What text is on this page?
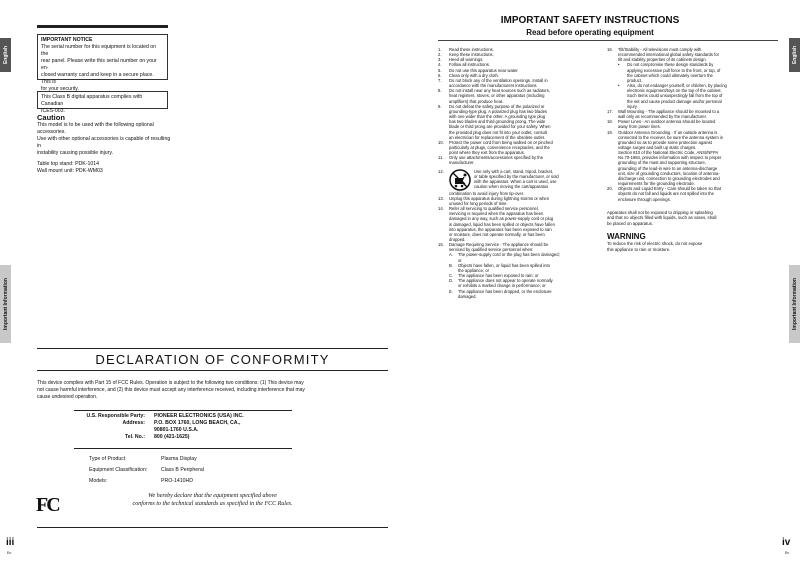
English
Important Information
English
Important Information
IMPORTANT NOTICE
The serial number for this equipment is located on the
rear panel. Please write this serial number on your en-
closed warranty card and keep in a secure place. This is
for your security.
This Class B digital apparatus complies with Canadian
ICES-003.
Caution
This model is to be used with the following optional accessories.
Use with other optional accessories is capable of resulting in
instability causing possible injury.
Table top stand: PDK-1014
Wall mount unit: PDK-WM03
DECLARATION OF CONFORMITY
This device complies with Part 15 of FCC Rules. Operation is subject to the following two conditions: (1) This device may
not cause harmful interference, and (2) this device must accept any interference received, including interference that may
cause undesired operation.
U.S. Responsible Party:	PIONEER ELECTRONICS (USA) INC.
Address:	P.O. BOX 1760, LONG BEACH, CA.,
90801-1760 U.S.A.
Tel. No.:	800 (421-1625)
Type of Product	Plasma Display
Equipment Classification:	Class B Peripheral
Models:	PRO-1410HD
We hereby declare that the equipment specified above
conforms to the technical standards as specified in the FCC Rules.
FC
iii
En
IMPORTANT SAFETY INSTRUCTIONS
Read before operating equipment
1.	Read these instructions.
2.	Keep these instructions.
3.	Heed all warnings.
4.	Follow all instructions.
5.	Do not use this apparatus near water.
6.	Clean only with a dry cloth.
7.	Do not block any of the ventilation openings. Install in
accordance with the manufacturers instructions.
8.	Do not install near any heat sources such as radiators,
heat registers, stoves, or other apparatus (including
amplifiers) that produce heat.
9.	Do not defeat the safety purpose of the polarized or
grounding-type plug. A polarized plug has two blades
with one wider than the other. A grounding type plug
has two blades and third grounding prong. The wide
blade or third prong are provided for your safety. When
the provided plug does not fit into your outlet, consult
an electrician for replacement of the obsolete outlet.
10.	Protect the power cord from being walked on or pinched
particularly at plugs, convenience receptacles, and the
point where they exit from the apparatus.
11.	Only use attachments/accessories specified by the
manufacturer.
12.	Use only with a cart, stand, tripod, bracket,
or table specified by the manufacturer, or sold
with the apparatus. When a cart is used, use
caution when moving the cart/apparatus
combination to avoid injury from tip-over.
13.	Unplug this apparatus during lightning storms or when
unused for long periods of time.
14.	Refer all servicing to qualified service personnel.
Servicing is required when the apparatus has been
damaged in any way, such as power-supply cord or plug
is damaged, liquid has been spilled or objects have fallen
into apparatus, the apparatus has been exposed to rain
or moisture, does not operate normally, or has been
dropped.
15.	Damage Requiring Service - The appliance should be
serviced by qualified service personnel when:
A.	The power-supply cord or the plug has been damaged;
or
B.	Objects have fallen, or liquid has been spilled into
the appliance; or
C.	The appliance has been exposed to rain; or
D.	The appliance does not appear to operate normally
or exhibits a marked change in performance; or
E.	The appliance has been dropped, or the enclosure
damaged.
16.	Tilt/Stability - All televisions must comply with
recommended international global safety standards for
tilt and stability properties of its cabinets design.
•	Do not compromise these design standards by
applying excessive pull force to the front, or top, of
the cabinet which could ultimately overturn the
product.
•	Also, do not endanger yourself, or children, by placing
electronic equipment/toys on the top of the cabinet.
Such items could unsuspectingly fall from the top of
the set and cause product damage and/or personal
injury.
17.	Wall Mounting - The appliance should be mounted to a
wall only as recommended by the manufacturer.
18.	Power Lines - An outdoor antenna should be located
away from power lines.
19.	Outdoor Antenna Grounding - If an outside antenna is
connected to the receiver, be sure the antenna system is
grounded so as to provide some protection against
voltage surges and built up static charges.
Section 810 of the National Electric Code, ANSI/NFPA
No.70-1984, provides information with respect to proper
grounding of the mast and supporting structure,
grounding of the lead-in wire to an antenna-discharge
unit, size of grounding conductors, location of antenna-
discharge unit, connection to grounding electrodes and
requirements for the grounding electrode.
20.	Objects and Liquid Entry - Care should be taken so that
objects do not fall and liquids are not spilled into the
enclosure through openings.
Apparatus shall not be exposed to dripping or splashing
and that no objects filled with liquids, such as vases, shall
be placed on apparatus.
WARNING
To reduce the risk of electric shock, do not expose
this appliance to rain or moisture.
iv
En
